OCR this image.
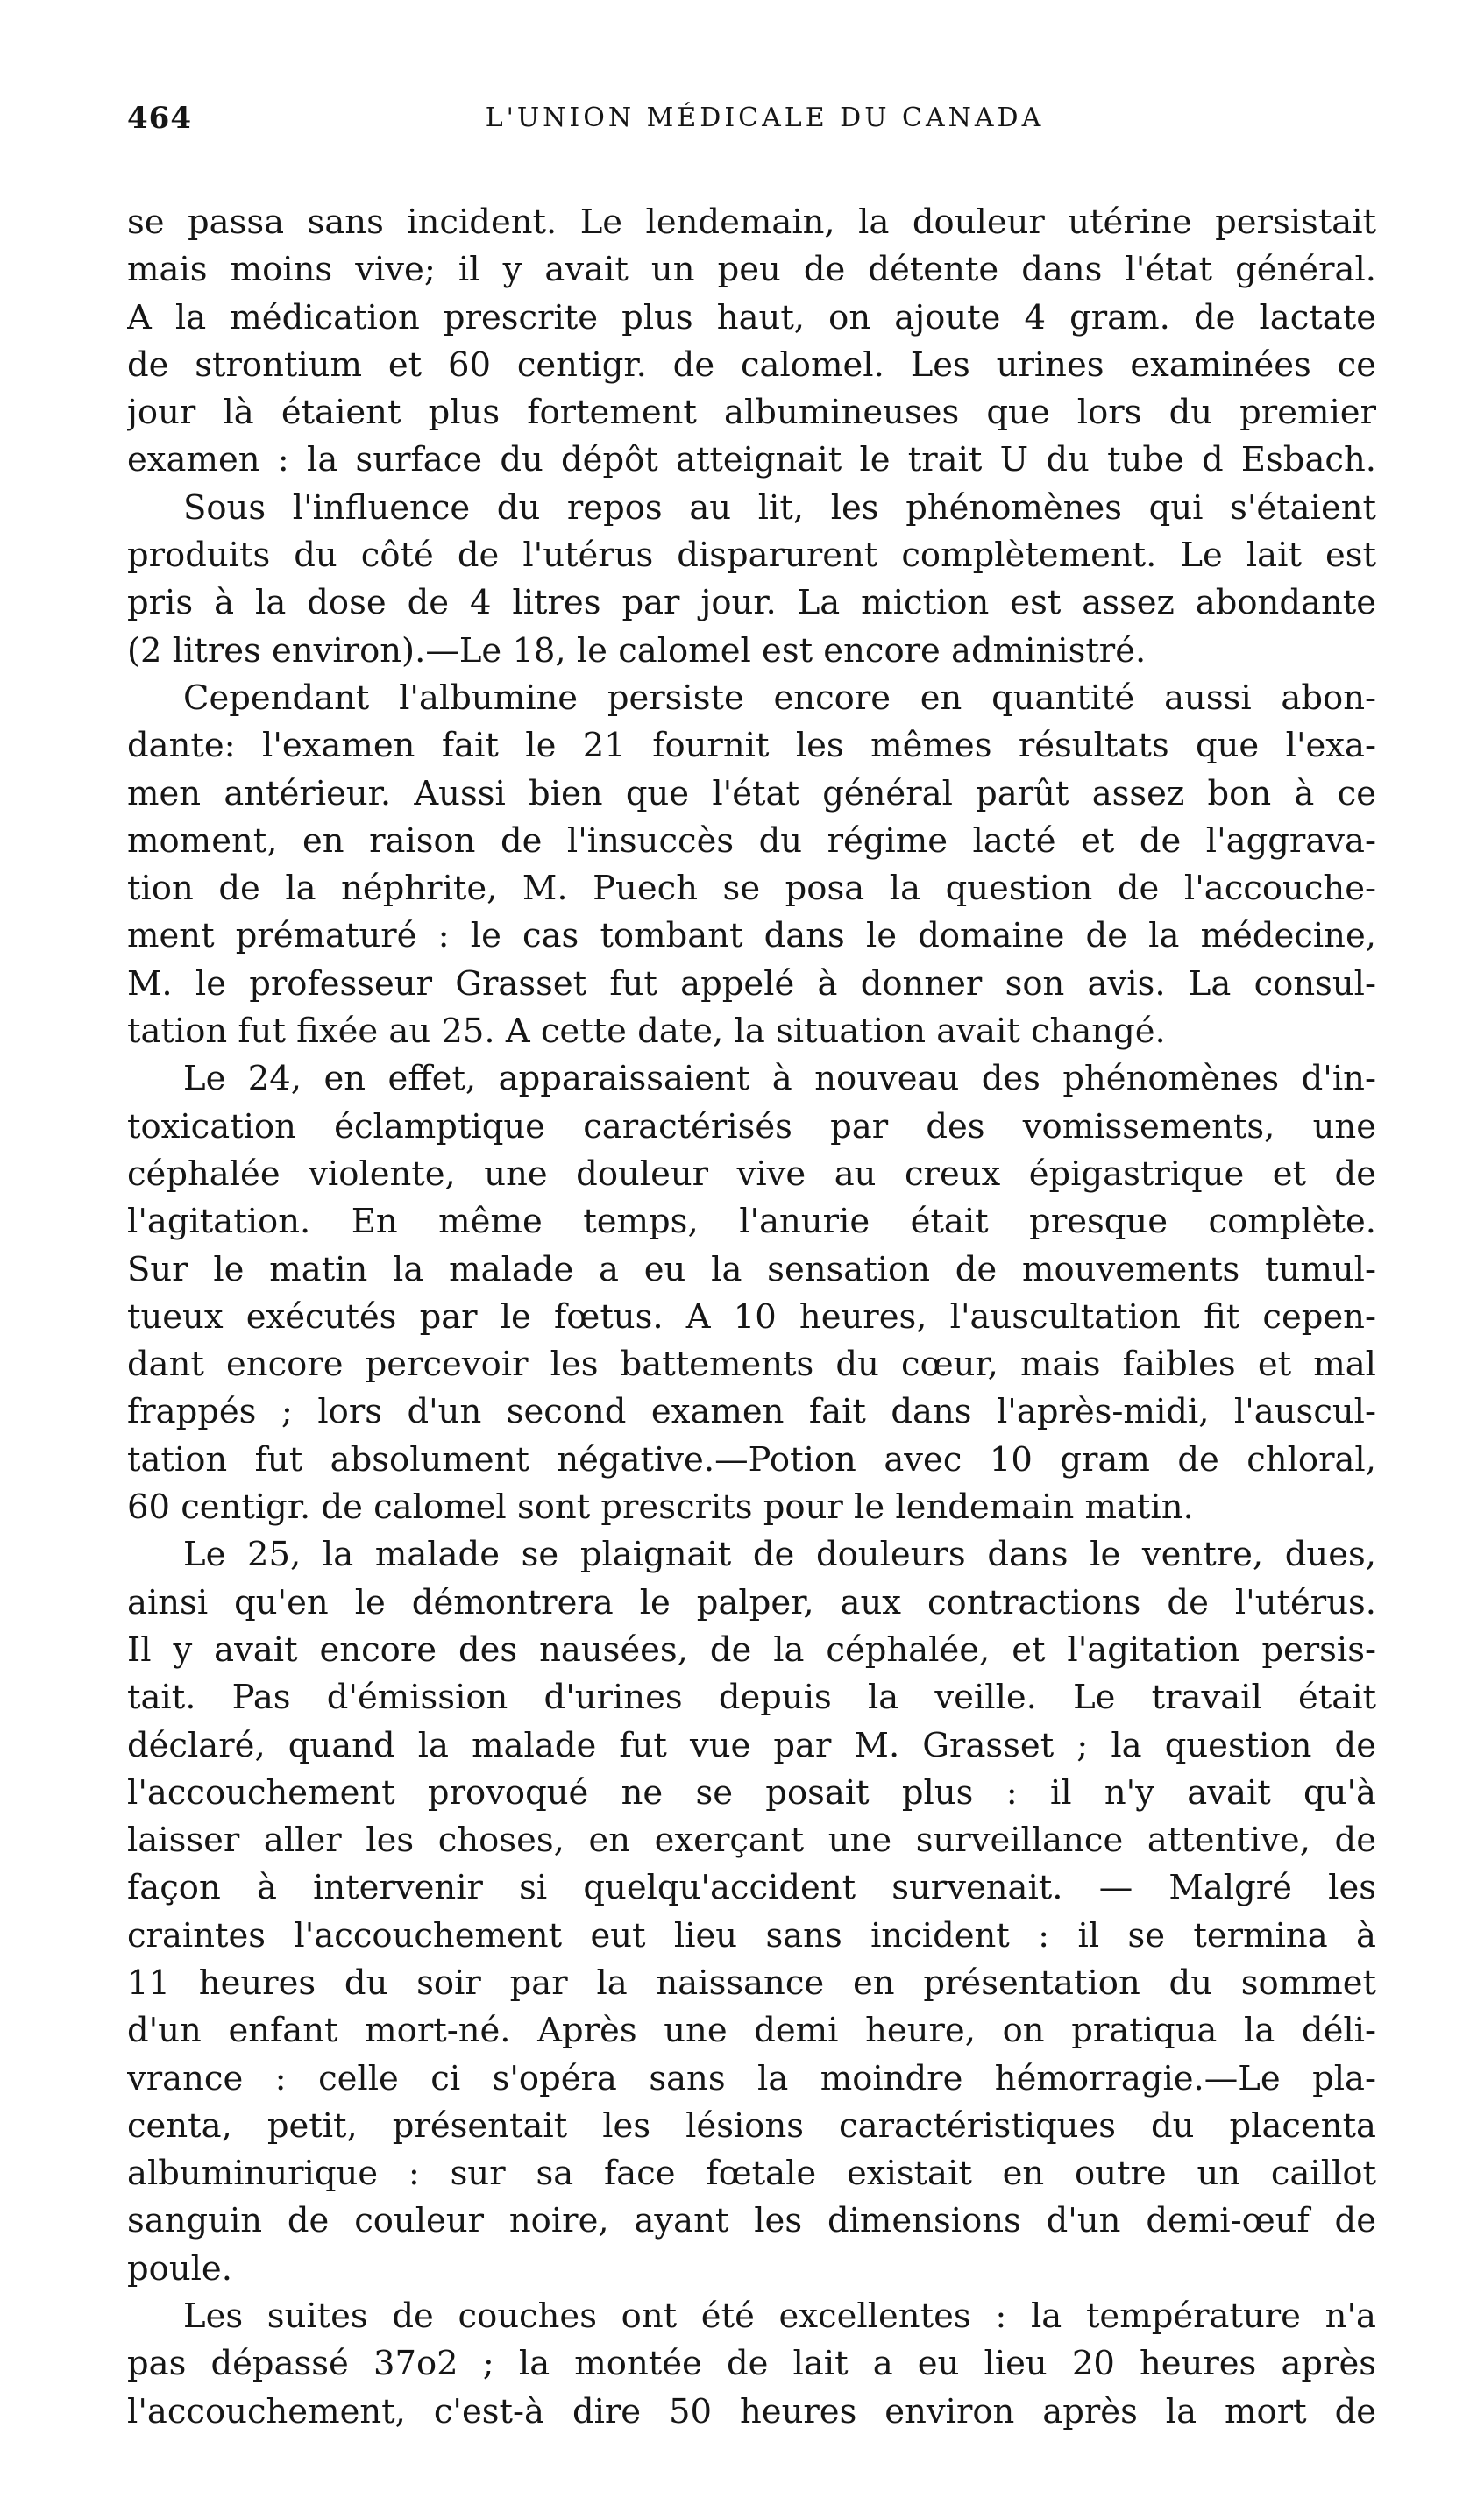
464	L'UNION MÉDICALE DU CANADA
se passa sans incident. Le lendemain, la douleur utérine persistait
mais moins vive; il y avait un peu de détente dans l'état général.
A la médication prescrite plus haut, on ajoute 4 gram. de lactate
de strontium et 60 centigr. de calomel. Les urines examinées ce
jour là étaient plus fortement albumineuses que lors du premier
examen : la surface du dépôt atteignait le trait U du tube d Esbach.
Sous l'influence du repos au lit, les phénomènes qui s'étaient
produits du côté de l'utérus disparurent complètement. Le lait est
pris à la dose de 4 litres par jour. La miction est assez abondante
(2 litres environ).—Le 18, le calomel est encore administré.
Cependant l'albumine persiste encore en quantité aussi abon-
dante: l'examen fait le 21 fournit les mêmes résultats que l'exa-
men antérieur. Aussi bien que l'état général parût assez bon à ce
moment, en raison de l'insuccès du régime lacté et de l'aggrava-
tion de la néphrite, M. Puech se posa la question de l'accouche-
ment prématuré : le cas tombant dans le domaine de la médecine,
M. le professeur Grasset fut appelé à donner son avis. La consul-
tation fut fixée au 25. A cette date, la situation avait changé.
Le 24, en effet, apparaissaient à nouveau des phénomènes d'in-
toxication éclamptique caractérisés par des vomissements, une
céphalée violente, une douleur vive au creux épigastrique et de
l'agitation. En même temps, l'anurie était presque complète.
Sur le matin la malade a eu la sensation de mouvements tumul-
tueux exécutés par le fœtus. A 10 heures, l'auscultation fit cepen-
dant encore percevoir les battements du cœur, mais faibles et mal
frappés ; lors d'un second examen fait dans l'après-midi, l'auscul-
tation fut absolument négative.—Potion avec 10 gram de chloral,
60 centigr. de calomel sont prescrits pour le lendemain matin.
Le 25, la malade se plaignait de douleurs dans le ventre, dues,
ainsi qu'en le démontrera le palper, aux contractions de l'utérus.
Il y avait encore des nausées, de la céphalée, et l'agitation persis-
tait. Pas d'émission d'urines depuis la veille. Le travail était
déclaré, quand la malade fut vue par M. Grasset ; la question de
l'accouchement provoqué ne se posait plus : il n'y avait qu'à
laisser aller les choses, en exerçant une surveillance attentive, de
façon à intervenir si quelqu'accident survenait. — Malgré les
craintes l'accouchement eut lieu sans incident : il se termina à
11 heures du soir par la naissance en présentation du sommet
d'un enfant mort-né. Après une demi heure, on pratiqua la déli-
vrance : celle ci s'opéra sans la moindre hémorragie.—Le pla-
centa, petit, présentait les lésions caractéristiques du placenta
albuminurique : sur sa face fœtale existait en outre un caillot
sanguin de couleur noire, ayant les dimensions d'un demi-œuf de
poule.
Les suites de couches ont été excellentes : la température n'a
pas dépassé 37o2 ; la montée de lait a eu lieu 20 heures après
l'accouchement, c'est-à dire 50 heures environ après la mort de
